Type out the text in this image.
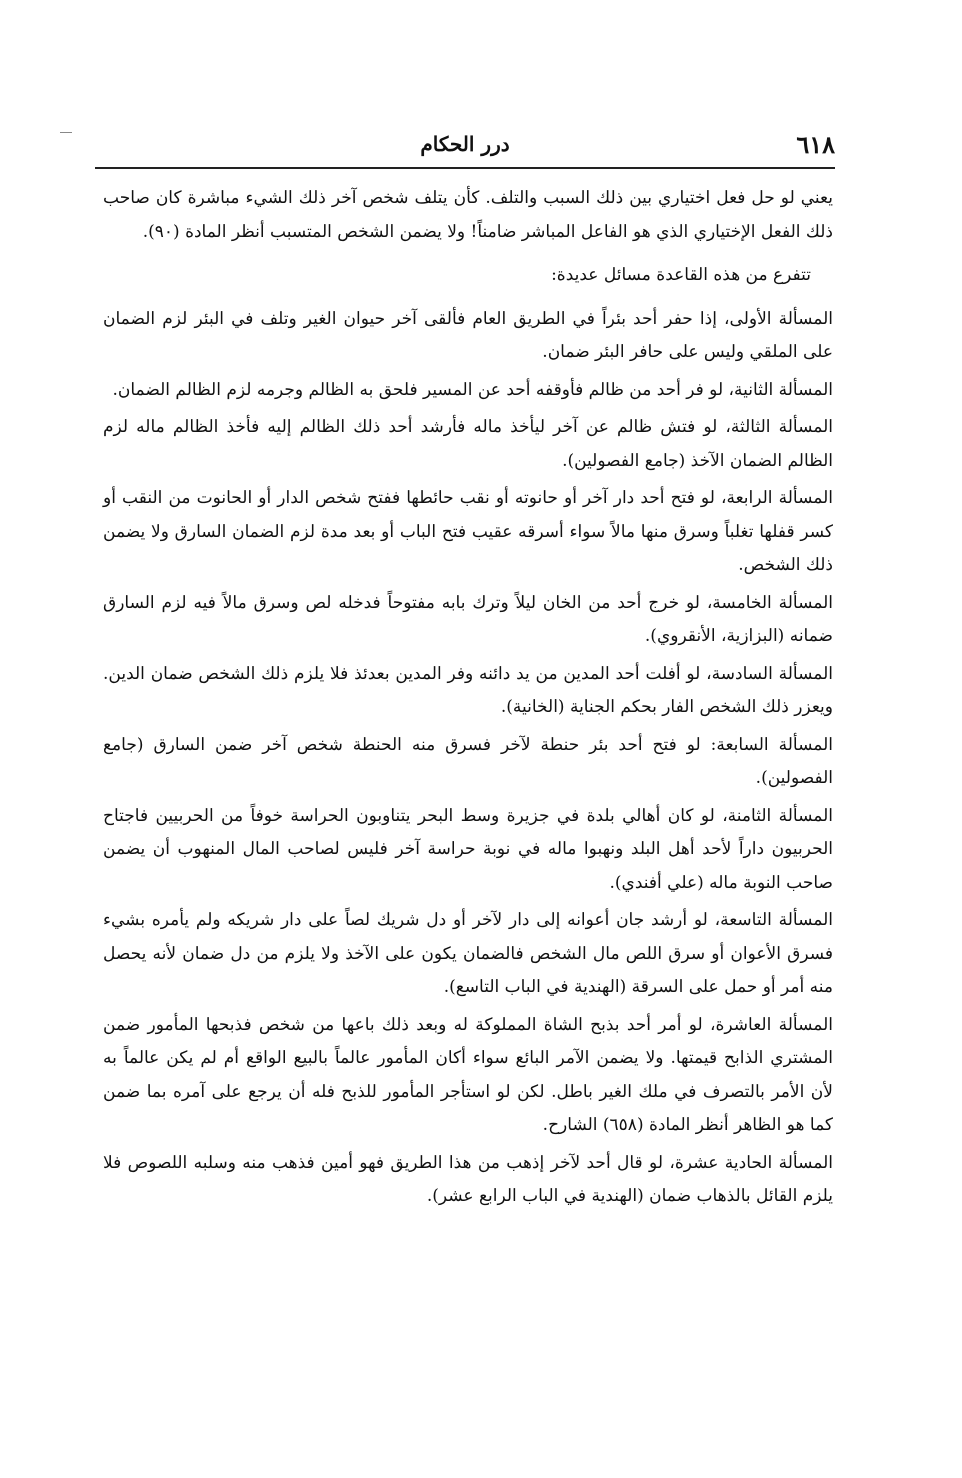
٦١٨
درر الحكام

يعني لو حل فعل اختياري بين ذلك السبب والتلف. كأن يتلف شخص آخر ذلك الشيء مباشرة كان صاحب ذلك الفعل الإختياري الذي هو الفاعل المباشر ضامناً! ولا يضمن الشخص المتسبب أنظر المادة (٩٠).

تتفرع من هذه القاعدة مسائل عديدة:

المسألة الأولى، إذا حفر أحد بئراً في الطريق العام فألقى آخر حيوان الغير وتلف في البئر لزم الضمان على الملقي وليس على حافر البئر ضمان.

المسألة الثانية، لو فر أحد من ظالم فأوقفه أحد عن المسير فلحق به الظالم وجرمه لزم الظالم الضمان.

المسألة الثالثة، لو فتش ظالم عن آخر ليأخذ ماله فأرشد أحد ذلك الظالم إليه فأخذ الظالم ماله لزم الظالم الضمان الآخذ (جامع الفصولين).

المسألة الرابعة، لو فتح أحد دار آخر أو حانوته أو نقب حائطها ففتح شخص الدار أو الحانوت من النقب أو كسر قفلها تغلباً وسرق منها مالاً سواء أسرقه عقيب فتح الباب أو بعد مدة لزم الضمان السارق ولا يضمن ذلك الشخص.

المسألة الخامسة، لو خرج أحد من الخان ليلاً وترك بابه مفتوحاً فدخله لص وسرق مالاً فيه لزم السارق ضمانه (البزازية، الأنقروي).

المسألة السادسة، لو أفلت أحد المدين من يد دائنه وفر المدين بعدئذ فلا يلزم ذلك الشخص ضمان الدين. ويعزر ذلك الشخص الفار بحكم الجناية (الخانية).

المسألة السابعة: لو فتح أحد بئر حنطة لآخر فسرق منه الحنطة شخص آخر ضمن السارق (جامع الفصولين).

المسألة الثامنة، لو كان أهالي بلدة في جزيرة وسط البحر يتناوبون الحراسة خوفاً من الحربيين فاجتاح الحربيون داراً لأحد أهل البلد ونهبوا ماله في نوبة حراسة آخر فليس لصاحب المال المنهوب أن يضمن صاحب النوبة ماله (علي أفندي).

المسألة التاسعة، لو أرشد جان أعوانه إلى دار لآخر أو دل شريك لصاً على دار شريكه ولم يأمره بشيء فسرق الأعوان أو سرق اللص مال الشخص فالضمان يكون على الآخذ ولا يلزم من دل ضمان لأنه يحصل منه أمر أو حمل على السرقة (الهندية في الباب التاسع).

المسألة العاشرة، لو أمر أحد بذبح الشاة المملوكة له وبعد ذلك باعها من شخص فذبحها المأمور ضمن المشتري الذابح قيمتها. ولا يضمن الآمر البائع سواء أكان المأمور عالماً بالبيع الواقع أم لم يكن عالماً به لأن الأمر بالتصرف في ملك الغير باطل. لكن لو استأجر المأمور للذبح فله أن يرجع على آمره بما ضمن كما هو الظاهر أنظر المادة (٦٥٨) الشارح.

المسألة الحادية عشرة، لو قال أحد لآخر إذهب من هذا الطريق فهو أمين فذهب منه وسلبه اللصوص فلا يلزم القائل بالذهاب ضمان (الهندية في الباب الرابع عشر).
